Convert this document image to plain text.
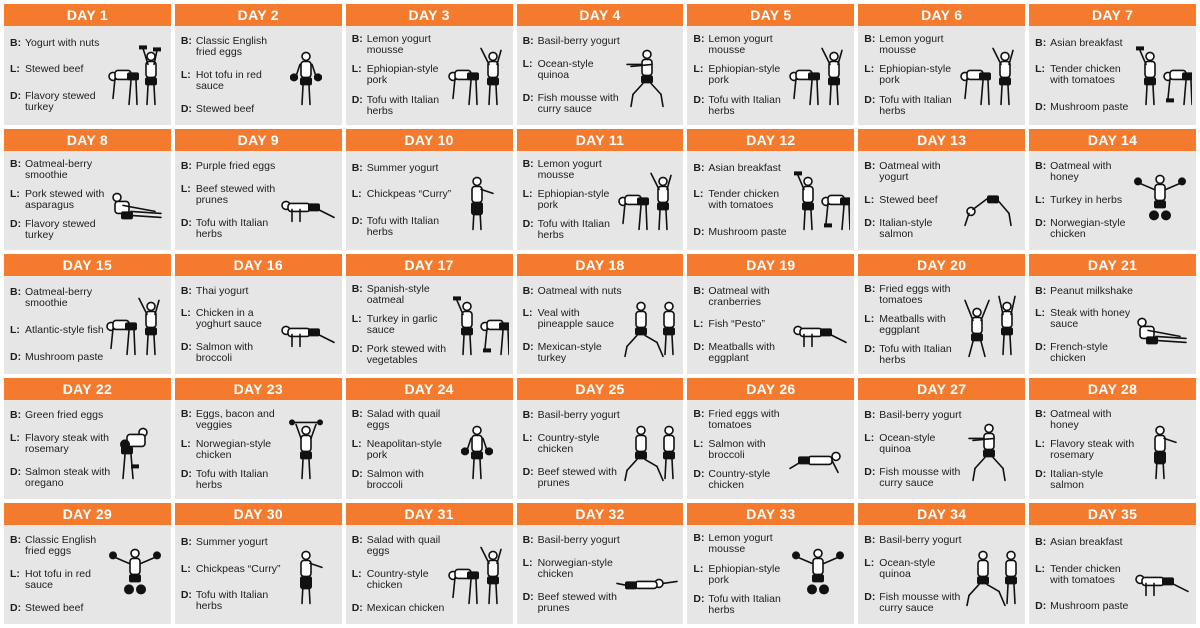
DAY 1
B: Yogurt with nuts
L: Stewed beef
D: Flavory stewed turkey
DAY 2
B: Classic English fried eggs
L: Hot tofu in red sauce
D: Stewed beef
DAY 3
B: Lemon yogurt mousse
L: Ephiopian-style pork
D: Tofu with Italian herbs
DAY 4
B: Basil-berry yogurt
L: Ocean-style quinoa
D: Fish mousse with curry sauce
DAY 5
B: Lemon yogurt mousse
L: Ephiopian-style pork
D: Tofu with Italian herbs
DAY 6
B: Lemon yogurt mousse
L: Ephiopian-style pork
D: Tofu with Italian herbs
DAY 7
B: Asian breakfast
L: Tender chicken with tomatoes
D: Mushroom paste
DAY 8
B: Oatmeal-berry smoothie
L: Pork stewed with asparagus
D: Flavory stewed turkey
DAY 9
B: Purple fried eggs
L: Beef stewed with prunes
D: Tofu with Italian herbs
DAY 10
B: Summer yogurt
L: Chickpeas “Curry”
D: Tofu with Italian herbs
DAY 11
B: Lemon yogurt mousse
L: Ephiopian-style pork
D: Tofu with Italian herbs
DAY 12
B: Asian breakfast
L: Tender chicken with tomatoes
D: Mushroom paste
DAY 13
B: Oatmeal with yogurt
L: Stewed beef
D: Italian-style salmon
DAY 14
B: Oatmeal with honey
L: Turkey in herbs
D: Norwegian-style chicken
DAY 15
B: Oatmeal-berry smoothie
L: Atlantic-style fish
D: Mushroom paste
DAY 16
B: Thai yogurt
L: Chicken in a yoghurt sauce
D: Salmon with broccoli
DAY 17
B: Spanish-style oatmeal
L: Turkey in garlic sauce
D: Pork stewed with vegetables
DAY 18
B: Oatmeal with nuts
L: Veal with pineapple sauce
D: Mexican-style turkey
DAY 19
B: Oatmeal with cranberries
L: Fish “Pesto”
D: Meatballs with eggplant
DAY 20
B: Fried eggs with tomatoes
L: Meatballs with eggplant
D: Tofu with Italian herbs
DAY 21
B: Peanut milkshake
L: Steak with honey sauce
D: French-style chicken
DAY 22
B: Green fried eggs
L: Flavory steak with rosemary
D: Salmon steak with oregano
DAY 23
B: Eggs, bacon and veggies
L: Norwegian-style chicken
D: Tofu with Italian herbs
DAY 24
B: Salad with quail eggs
L: Neapolitan-style pork
D: Salmon with broccoli
DAY 25
B: Basil-berry yogurt
L: Country-style chicken
D: Beef stewed with prunes
DAY 26
B: Fried eggs with tomatoes
L: Salmon with broccoli
D: Country-style chicken
DAY 27
B: Basil-berry yogurt
L: Ocean-style quinoa
D: Fish mousse with curry sauce
DAY 28
B: Oatmeal with honey
L: Flavory steak with rosemary
D: Italian-style salmon
DAY 29
B: Classic English fried eggs
L: Hot tofu in red sauce
D: Stewed beef
DAY 30
B: Summer yogurt
L: Chickpeas “Curry”
D: Tofu with Italian herbs
DAY 31
B: Salad with quail eggs
L: Country-style chicken
D: Mexican chicken
DAY 32
B: Basil-berry yogurt
L: Norwegian-style chicken
D: Beef stewed with prunes
DAY 33
B: Lemon yogurt mousse
L: Ephiopian-style pork
D: Tofu with Italian herbs
DAY 34
B: Basil-berry yogurt
L: Ocean-style quinoa
D: Fish mousse with curry sauce
DAY 35
B: Asian breakfast
L: Tender chicken with tomatoes
D: Mushroom paste
